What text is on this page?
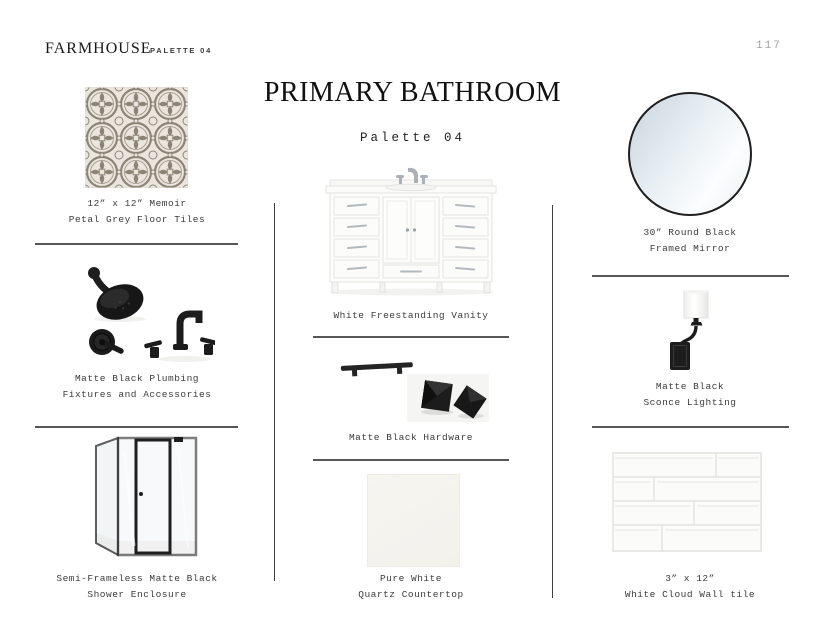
FARMHOUSE
PALETTE 04	117
PRIMARY BATHROOM
Palette 04
12” x 12” Memoir
Petal Grey Floor Tiles
Matte Black Plumbing
Fixtures and Accessories
Semi-Frameless Matte Black
Shower Enclosure
White Freestanding Vanity
Matte Black Hardware
Pure White
Quartz Countertop
30” Round Black
Framed Mirror
Matte Black
Sconce Lighting
3” x 12”
White Cloud Wall tile
